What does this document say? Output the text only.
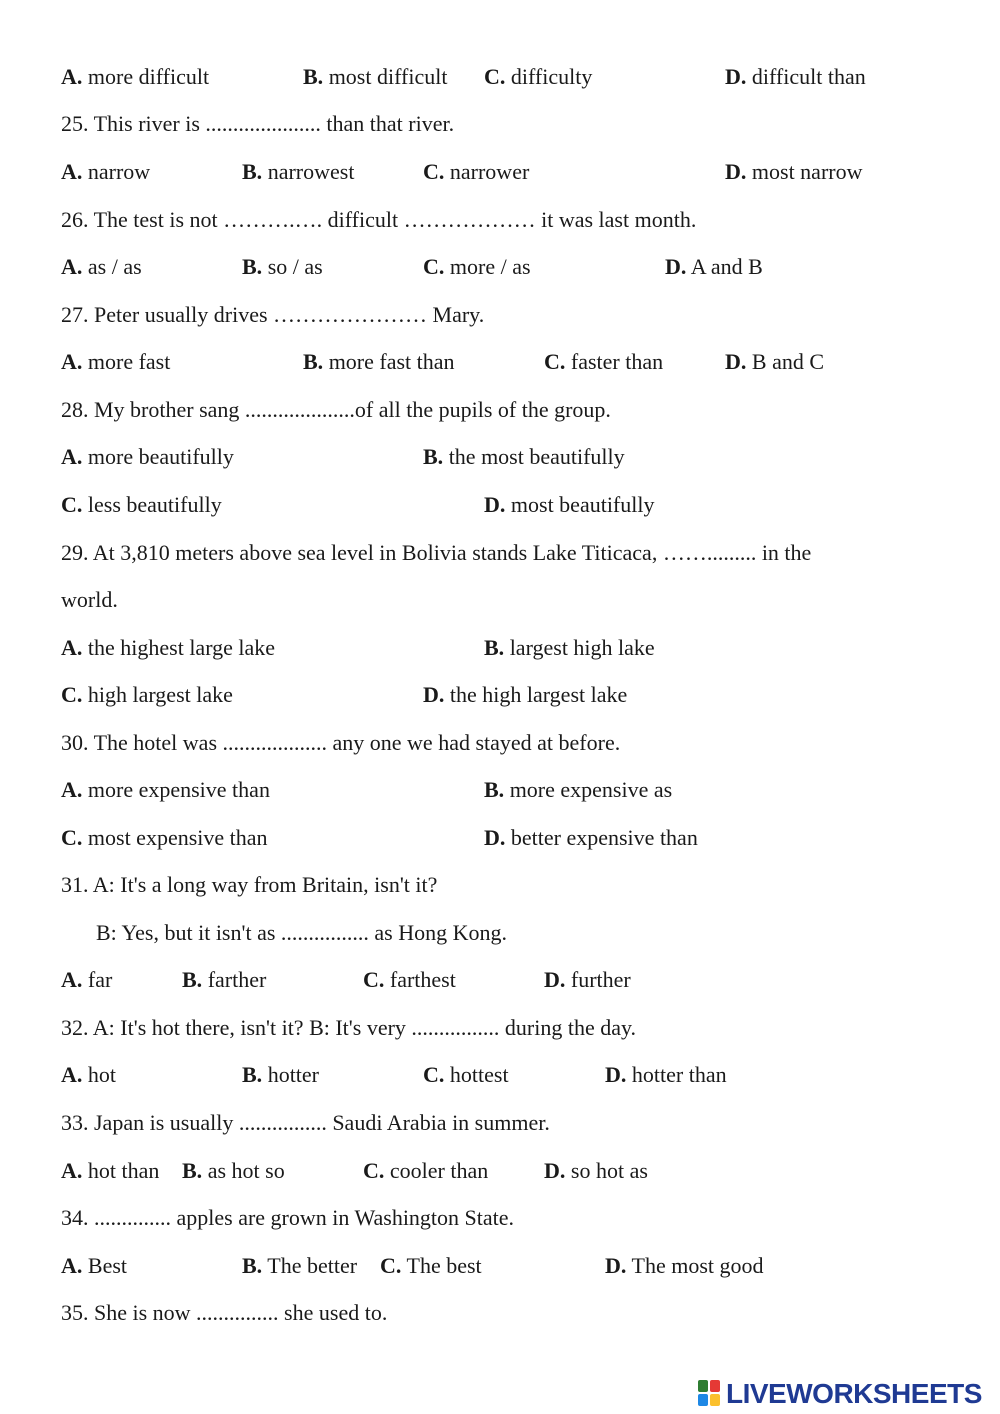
A. more difficult	B. most difficult C. difficulty	D. difficult than
25. This river is ..................... than that river.
A. narrow	B. narrowest	C. narrower	D. most narrow
26. The test is not ……….…. difficult ……………… it was last month.
A. as / as	B. so / as	C. more / as	D. A and B
27. Peter usually drives ………………… Mary.
A. more fast	B. more fast than	C. faster than	D. B and C
28. My brother sang ....................of all the pupils of the group.
A. more beautifully	B. the most beautifully
C. less beautifully	D. most beautifully
29. At 3,810 meters above sea level in Bolivia stands Lake Titicaca, ……......... in the
world.
A. the highest large lake	B. largest high lake
C. high largest lake	D. the high largest lake
30. The hotel was ................... any one we had stayed at before.
A. more expensive than	B. more expensive as
C. most expensive than	D. better expensive than
31. A: It's a long way from Britain, isn't it?
B: Yes, but it isn't as ................ as Hong Kong.
A. far	B. farther	C. farthest	D. further
32. A: It's hot there, isn't it? B: It's very ................ during the day.
A. hot	B. hotter	C. hottest	D. hotter than
33. Japan is usually ................ Saudi Arabia in summer.
A. hot than B. as hot so	C. cooler than	D. so hot as
34. .............. apples are grown in Washington State.
A. Best	B. The better C. The best	D. The most good
35. She is now ............... she used to.
LIVEWORKSHEETS
